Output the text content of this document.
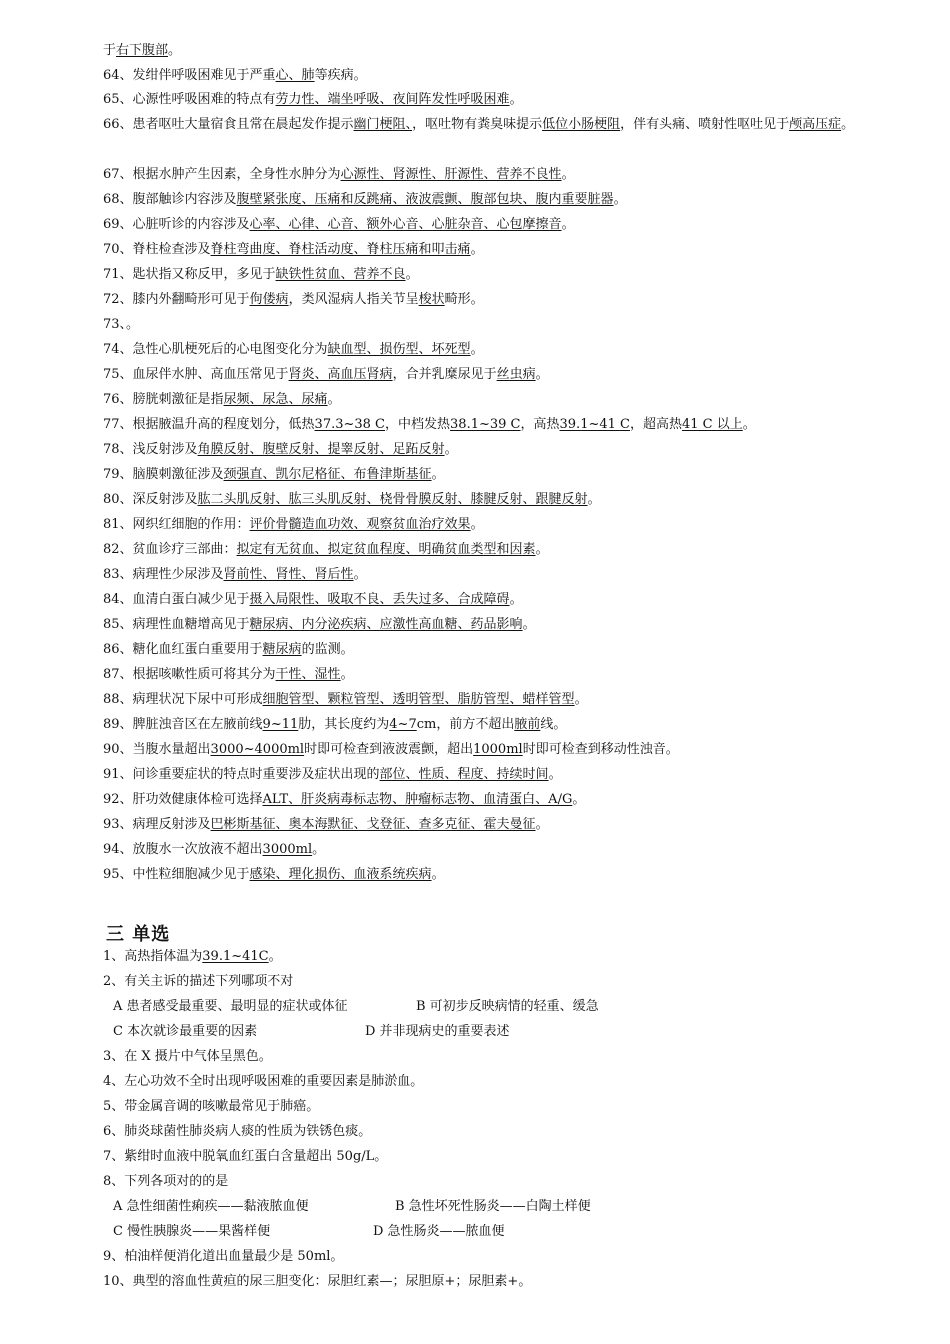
于右下腹部。
64、发绀伴呼吸困难见于严重心、肺等疾病。
65、心源性呼吸困难的特点有劳力性、端坐呼吸、夜间阵发性呼吸困难。
66、患者呕吐大量宿食且常在晨起发作提示幽门梗阻、，呕吐物有粪臭味提示低位小肠梗阻，伴有头痛、喷射性呕吐见于颅高压症。
67、根据水肿产生因素，全身性水肿分为心源性、肾源性、肝源性、营养不良性。
68、腹部触诊内容涉及腹壁紧张度、压痛和反跳痛、液波震颤、腹部包块、腹内重要脏器。
69、心脏听诊的内容涉及心率、心律、心音、额外心音、心脏杂音、心包摩擦音。
70、脊柱检查涉及脊柱弯曲度、脊柱活动度、脊柱压痛和叩击痛。
71、匙状指又称反甲，多见于缺铁性贫血、营养不良。
72、膝内外翻畸形可见于佝偻病，类风湿病人指关节呈梭状畸形。
73、。
74、急性心肌梗死后的心电图变化分为缺血型、损伤型、坏死型。
75、血尿伴水肿、高血压常见于肾炎、高血压肾病，合并乳糜尿见于丝虫病。
76、膀胱刺激征是指尿频、尿急、尿痛。
77、根据腋温升高的程度划分，低热37.3~38 C，中档发热38.1~39 C，高热39.1~41 C，超高热41 C 以上。
78、浅反射涉及角膜反射、腹壁反射、提睾反射、足跖反射。
79、脑膜刺激征涉及颈强直、凯尔尼格征、布鲁津斯基征。
80、深反射涉及肱二头肌反射、肱三头肌反射、桡骨骨膜反射、膝腱反射、跟腱反射。
81、网织红细胞的作用：评价骨髓造血功效、观察贫血治疗效果。
82、贫血诊疗三部曲：拟定有无贫血、拟定贫血程度、明确贫血类型和因素。
83、病理性少尿涉及肾前性、肾性、肾后性。
84、血清白蛋白减少见于摄入局限性、吸取不良、丢失过多、合成障碍。
85、病理性血糖增高见于糖尿病、内分泌疾病、应激性高血糖、药品影响。
86、糖化血红蛋白重要用于糖尿病的监测。
87、根据咳嗽性质可将其分为干性、湿性。
88、病理状况下尿中可形成细胞管型、颗粒管型、透明管型、脂肪管型、蜡样管型。
89、脾脏浊音区在左腋前线9~11肋，其长度约为4~7cm，前方不超出腋前线。
90、当腹水量超出3000~4000ml时即可检查到液波震颤，超出1000ml时即可检查到移动性浊音。
91、问诊重要症状的特点时重要涉及症状出现的部位、性质、程度、持续时间。
92、肝功效健康体检可选择ALT、肝炎病毒标志物、肿瘤标志物、血清蛋白、A/G。
93、病理反射涉及巴彬斯基征、奥本海默征、戈登征、查多克征、霍夫曼征。
94、放腹水一次放液不超出3000ml。
95、中性粒细胞减少见于感染、理化损伤、血液系统疾病。
三 单选
1、高热指体温为39.1~41C。
2、有关主诉的描述下列哪项不对
A 患者感受最重要、最明显的症状或体征	B 可初步反映病情的轻重、缓急
C 本次就诊最重要的因素	D 并非现病史的重要表述
3、在 X 摄片中气体呈黑色。
4、左心功效不全时出现呼吸困难的重要因素是肺淤血。
5、带金属音调的咳嗽最常见于肺癌。
6、肺炎球菌性肺炎病人痰的性质为铁锈色痰。
7、紫绀时血液中脱氧血红蛋白含量超出 50g/L。
8、下列各项对的的是
A 急性细菌性痢疾——黏液脓血便	B 急性坏死性肠炎——白陶土样便
C 慢性胰腺炎——果酱样便	D 急性肠炎——脓血便
9、柏油样便消化道出血量最少是 50ml。
10、典型的溶血性黄疸的尿三胆变化：尿胆红素—；尿胆原+；尿胆素+。
